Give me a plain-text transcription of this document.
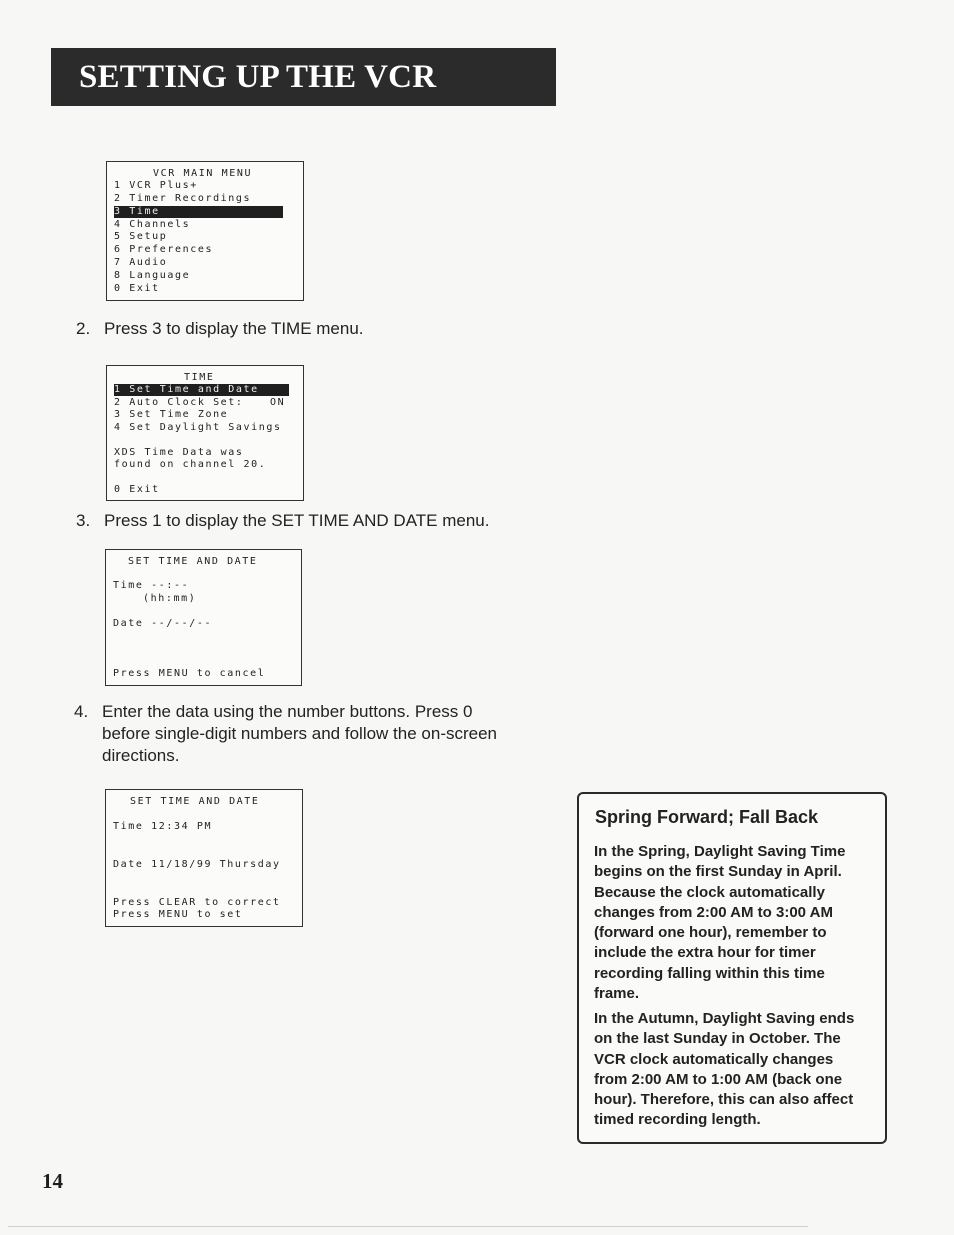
SETTING UP THE VCR
VCR MAIN MENU
1 VCR Plus+
2 Timer Recordings
3 Time
4 Channels
5 Setup
6 Preferences
7 Audio
8 Language
0 Exit
2. Press 3 to display the TIME menu.
TIME
1 Set Time and Date
2 Auto Clock Set:	ON
3 Set Time Zone
4 Set Daylight Savings
XDS Time Data was
found on channel 20.
0 Exit
3. Press 1 to display the SET TIME AND DATE menu.
SET TIME AND DATE
Time --:--
(hh:mm)
Date --/--/--
Press MENU to cancel
4. Enter the data using the number buttons. Press 0
before single-digit numbers and follow the on-screen
directions.
SET TIME AND DATE
Time 12:34 PM
Date 11/18/99 Thursday
Press CLEAR to correct
Press MENU to set
Spring Forward; Fall Back
In the Spring, Daylight Saving Time
begins on the first Sunday in April.
Because the clock automatically
changes from 2:00 AM to 3:00 AM
(forward one hour), remember to
include the extra hour for timer
recording falling within this time
frame.
In the Autumn, Daylight Saving ends
on the last Sunday in October. The
VCR clock automatically changes
from 2:00 AM to 1:00 AM (back one
hour). Therefore, this can also affect
timed recording length.
14
